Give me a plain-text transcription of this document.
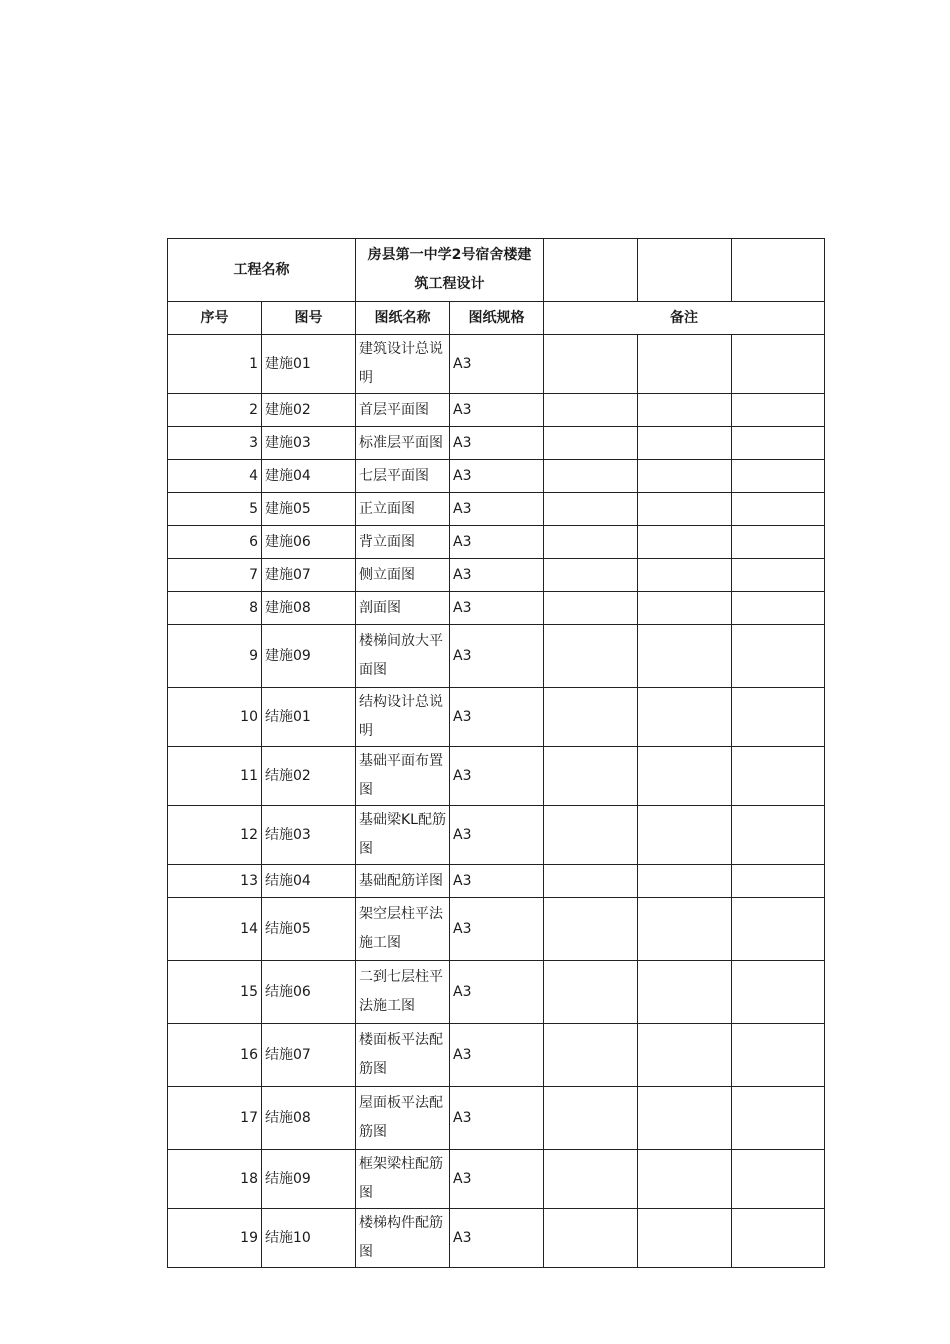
工程名称		房县第一中学2号宿舍楼建筑工程设计				
序号	图号	图纸名称	图纸规格	备注		
1	建施01	建筑设计总说明	A3			
2	建施02	首层平面图	A3			
3	建施03	标准层平面图	A3			
4	建施04	七层平面图	A3			
5	建施05	正立面图	A3			
6	建施06	背立面图	A3			
7	建施07	侧立面图	A3			
8	建施08	剖面图	A3			
9	建施09	楼梯间放大平面图	A3			
10	结施01	结构设计总说明	A3			
11	结施02	基础平面布置图	A3			
12	结施03	基础梁KL配筋图	A3			
13	结施04	基础配筋详图	A3			
14	结施05	架空层柱平法施工图	A3			
15	结施06	二到七层柱平法施工图	A3			
16	结施07	楼面板平法配筋图	A3			
17	结施08	屋面板平法配筋图	A3			
18	结施09	框架梁柱配筋图	A3			
19	结施10	楼梯构件配筋图	A3			
